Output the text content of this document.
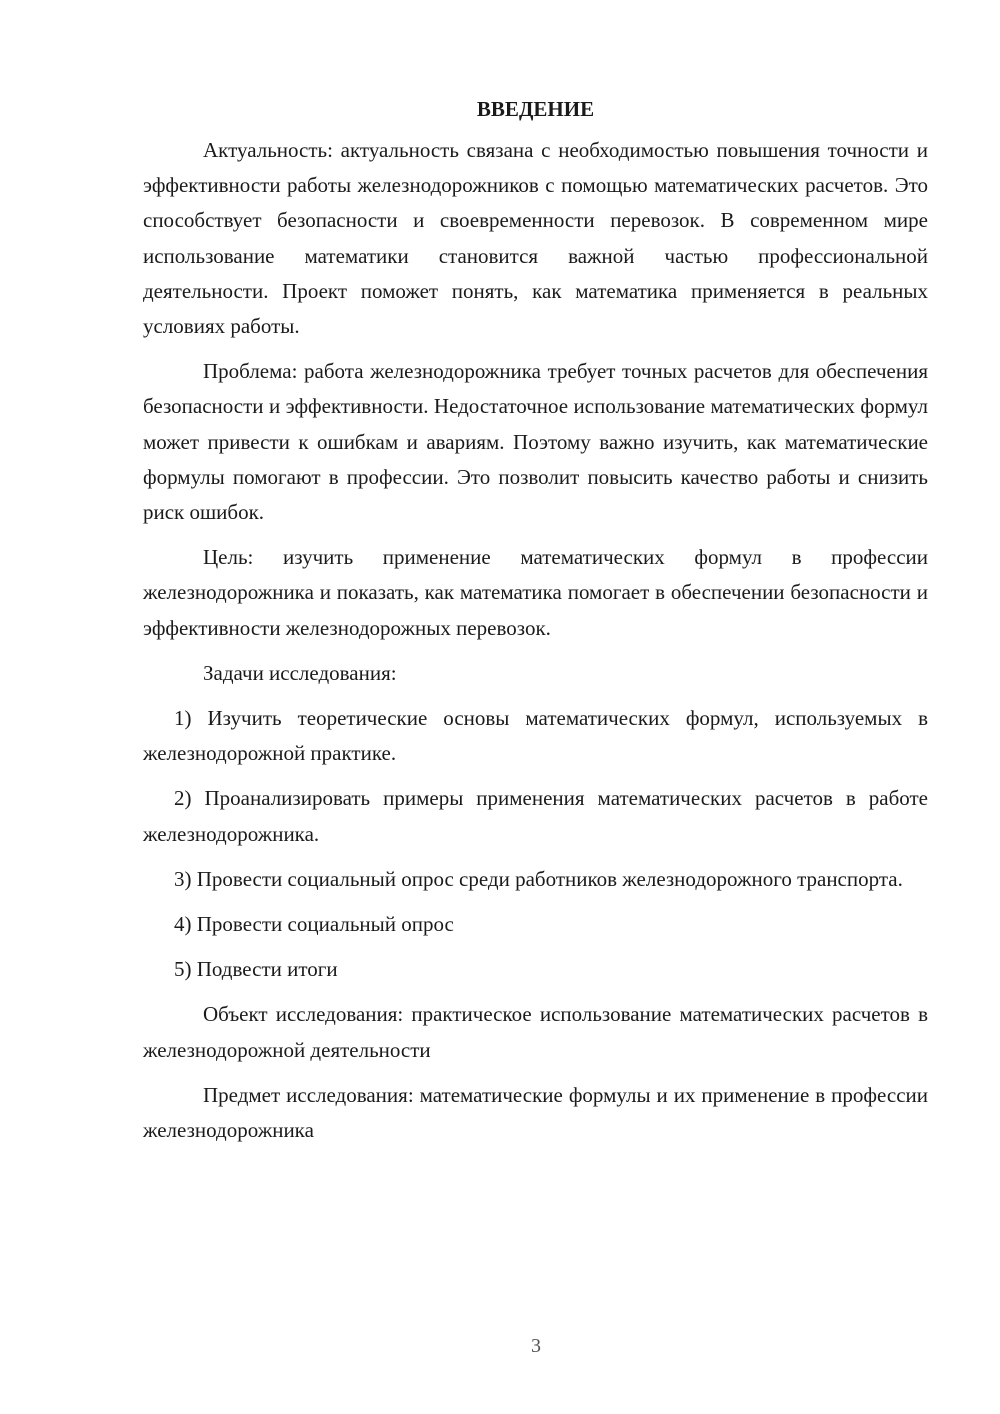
ВВЕДЕНИЕ

Актуальность: актуальность связана с необходимостью повышения точности и эффективности работы железнодорожников с помощью математических расчетов. Это способствует безопасности и своевременности перевозок. В современном мире использование математики становится важной частью профессиональной деятельности. Проект поможет понять, как математика применяется в реальных условиях работы.

Проблема: работа железнодорожника требует точных расчетов для обеспечения безопасности и эффективности. Недостаточное использование математических формул может привести к ошибкам и авариям. Поэтому важно изучить, как математические формулы помогают в профессии. Это позволит повысить качество работы и снизить риск ошибок.

Цель: изучить применение математических формул в профессии железнодорожника и показать, как математика помогает в обеспечении безопасности и эффективности железнодорожных перевозок.

Задачи исследования:

1) Изучить теоретические основы математических формул, используемых в железнодорожной практике.

2) Проанализировать примеры применения математических расчетов в работе железнодорожника.

3) Провести социальный опрос среди работников железнодорожного транспорта.

4) Провести социальный опрос

5) Подвести итоги

Объект исследования: практическое использование математических расчетов в железнодорожной деятельности

Предмет исследования: математические формулы и их применение в профессии железнодорожника

3
